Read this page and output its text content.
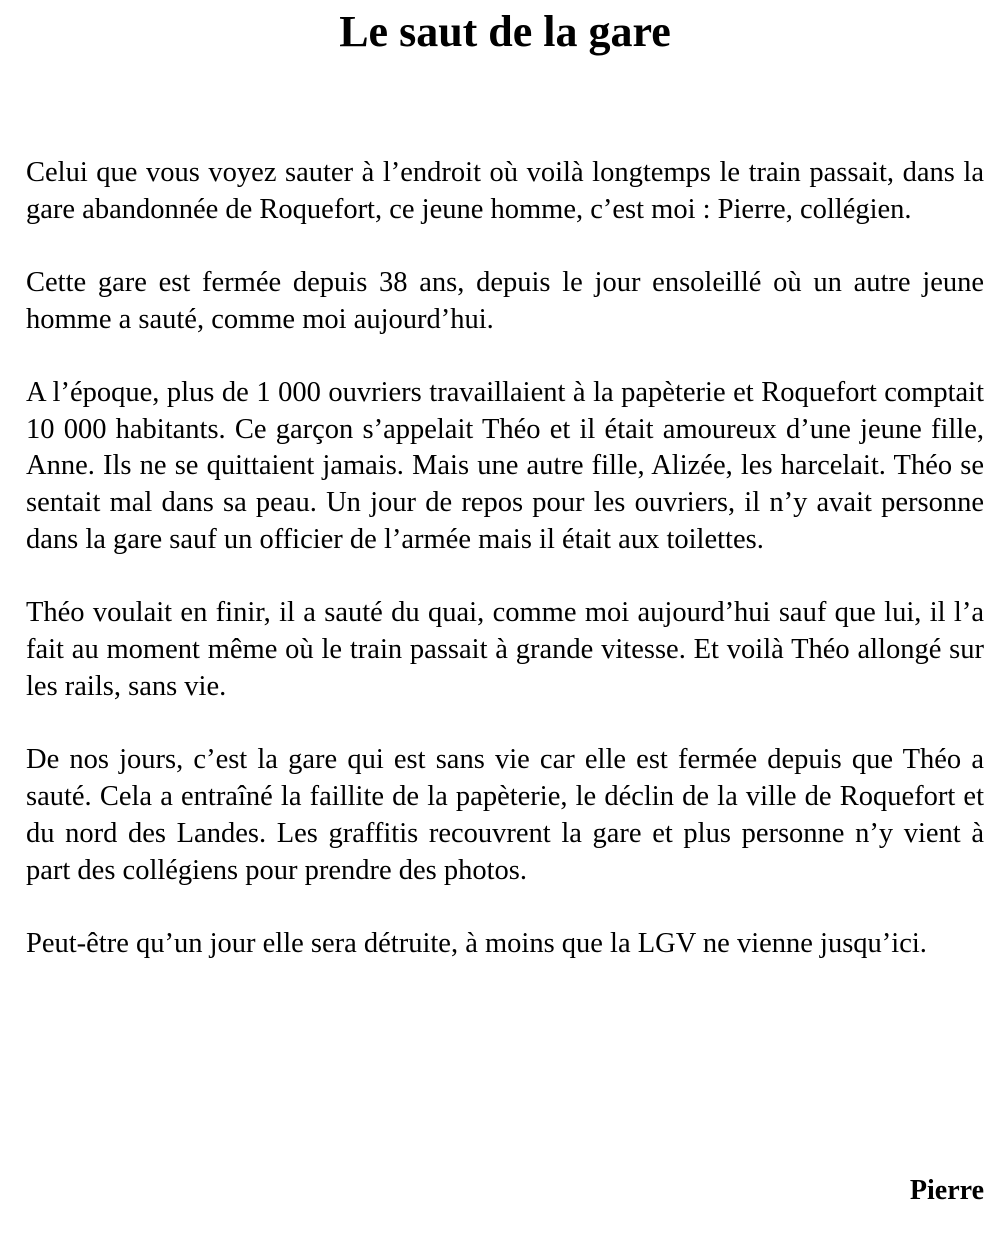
Le saut de la gare

Celui que vous voyez sauter à l’endroit où voilà longtemps le train passait, dans la gare abandonnée de Roquefort, ce jeune homme, c’est moi : Pierre, collégien.

Cette gare est fermée depuis 38 ans, depuis le jour ensoleillé où un autre jeune homme a sauté, comme moi aujourd’hui.

A l’époque, plus de 1 000 ouvriers travaillaient à la papèterie et Roquefort comptait 10 000 habitants. Ce garçon s’appelait Théo et il était amoureux d’une jeune fille, Anne. Ils ne se quittaient jamais. Mais une autre fille, Alizée, les harcelait. Théo se sentait mal dans sa peau. Un jour de repos pour les ouvriers, il n’y avait personne dans la gare sauf un officier de l’armée mais il était aux toilettes.

Théo voulait en finir, il a sauté du quai, comme moi aujourd’hui sauf que lui, il l’a fait au moment même où le train passait à grande vitesse. Et voilà Théo allongé sur les rails, sans vie.

De nos jours, c’est la gare qui est sans vie car elle est fermée depuis que Théo a sauté. Cela a entraîné la faillite de la papèterie, le déclin de la ville de Roquefort et du nord des Landes. Les graffitis recouvrent la gare et plus personne n’y vient à part des collégiens pour prendre des photos.

Peut-être qu’un jour elle sera détruite, à moins que la LGV ne vienne jusqu’ici.

Pierre
